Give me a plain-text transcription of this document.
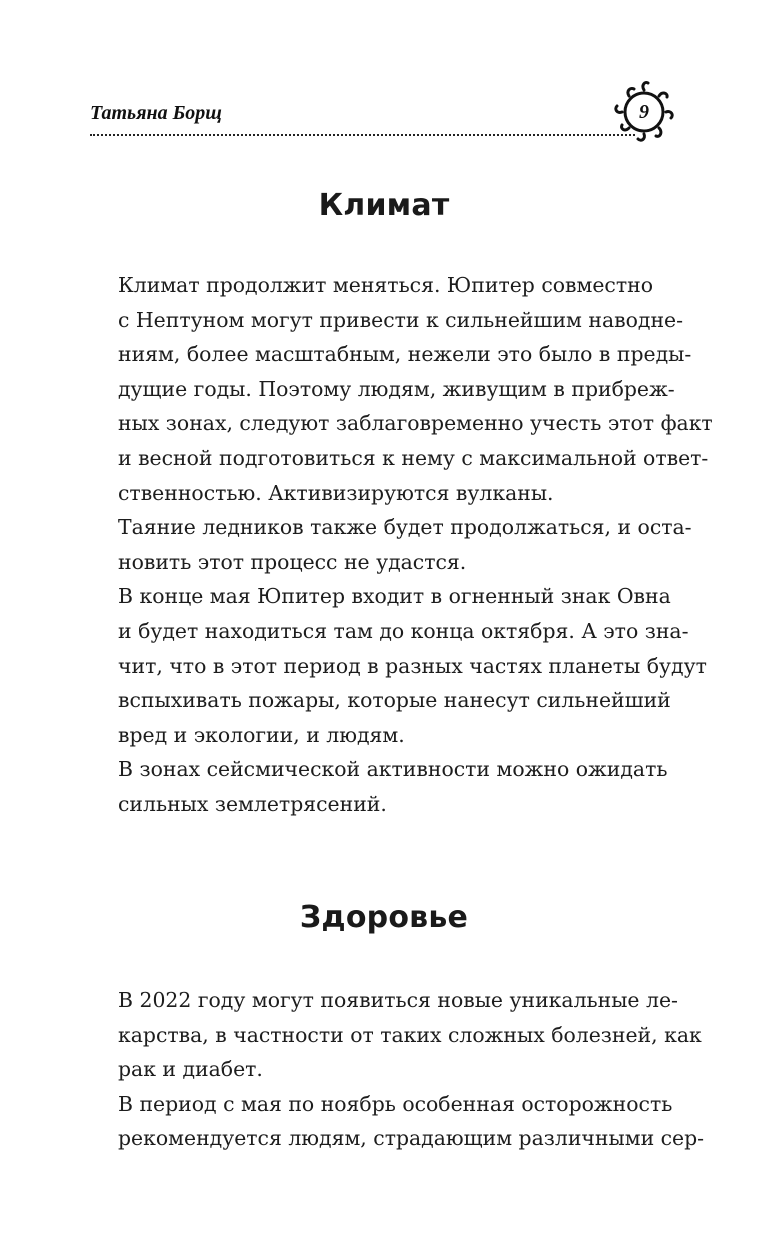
Татьяна Борщ	9
Климат
Климат продолжит меняться. Юпитер совместно
с Нептуном могут привести к сильнейшим наводне-
ниям, более масштабным, нежели это было в преды-
дущие годы. Поэтому людям, живущим в прибреж-
ных зонах, следуют заблаговременно учесть этот факт
и весной подготовиться к нему с максимальной ответ-
ственностью. Активизируются вулканы.
Таяние ледников также будет продолжаться, и оста-
новить этот процесс не удастся.
В конце мая Юпитер входит в огненный знак Овна
и будет находиться там до конца октября. А это зна-
чит, что в этот период в разных частях планеты будут
вспыхивать пожары, которые нанесут сильнейший
вред и экологии, и людям.
В зонах сейсмической активности можно ожидать
сильных землетрясений.
Здоровье
В 2022 году могут появиться новые уникальные ле-
карства, в частности от таких сложных болезней, как
рак и диабет.
В период с мая по ноябрь особенная осторожность
рекомендуется людям, страдающим различными сер-
